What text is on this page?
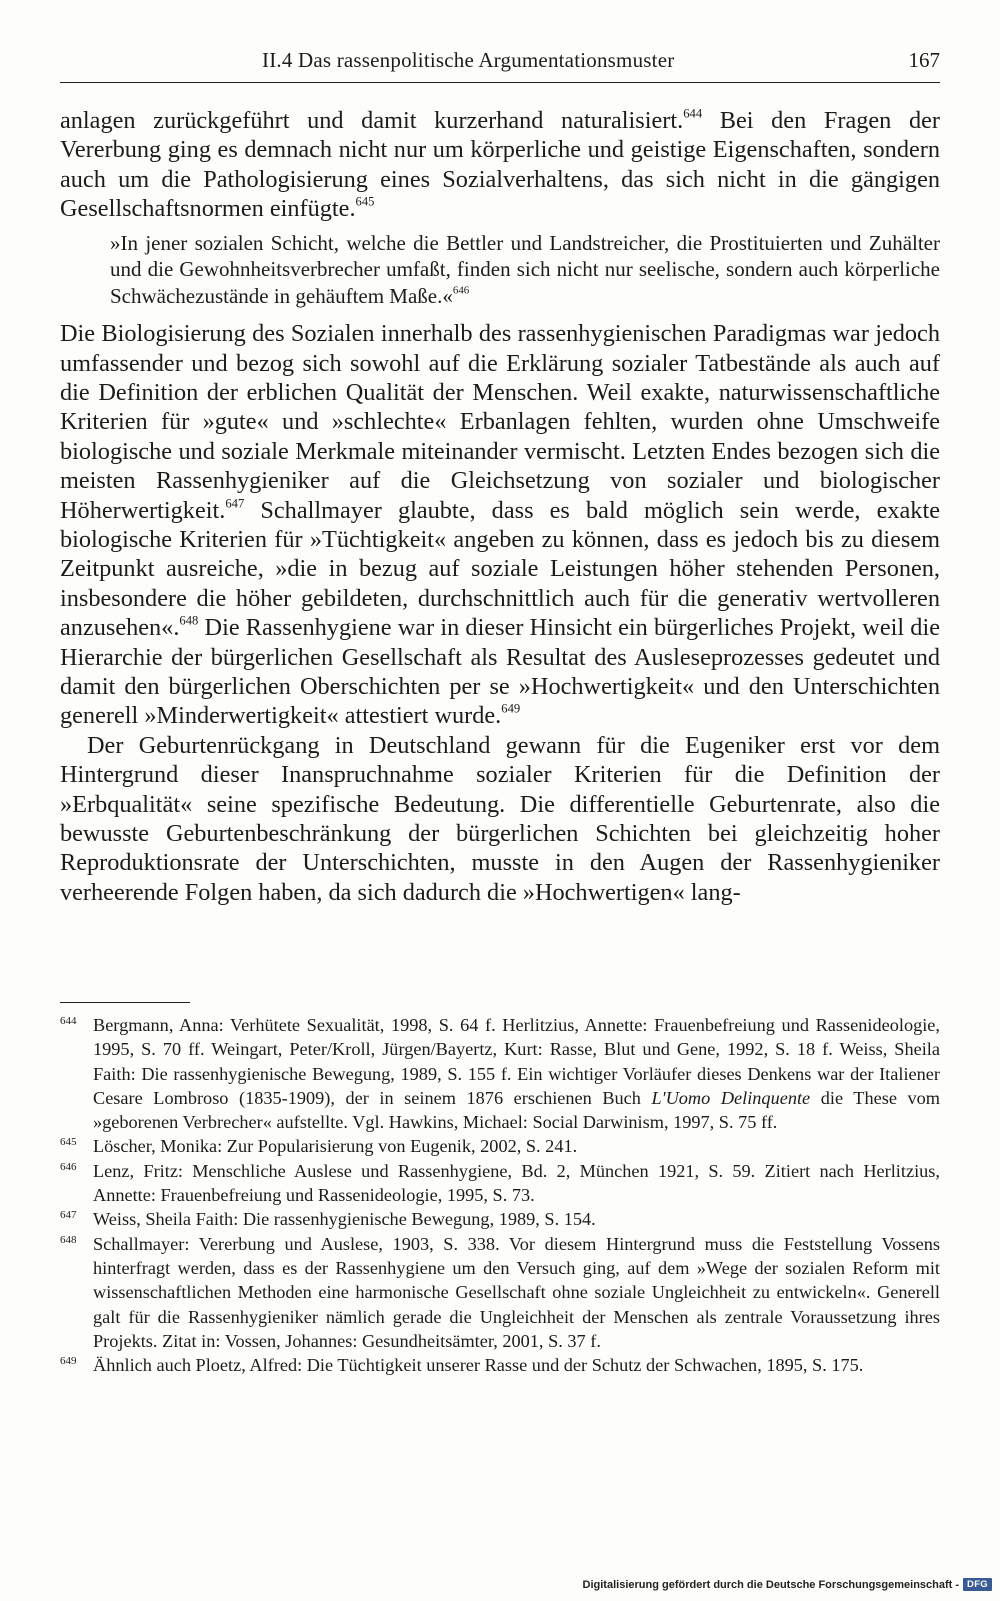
II.4 Das rassenpolitische Argumentationsmuster	167

anlagen zurückgeführt und damit kurzerhand naturalisiert.$^{644}$ Bei den Fragen der Vererbung ging es demnach nicht nur um körperliche und geistige Eigenschaften, sondern auch um die Pathologisierung eines Sozialverhaltens, das sich nicht in die gängigen Gesellschaftsnormen einfügte.$^{645}$

»In jener sozialen Schicht, welche die Bettler und Landstreicher, die Prostituierten und Zuhälter und die Gewohnheitsverbrecher umfaßt, finden sich nicht nur seelische, sondern auch körperliche Schwächezustände in gehäuftem Maße.«$^{646}$

Die Biologisierung des Sozialen innerhalb des rassenhygienischen Paradigmas war jedoch umfassender und bezog sich sowohl auf die Erklärung sozialer Tatbestände als auch auf die Definition der erblichen Qualität der Menschen. Weil exakte, naturwissenschaftliche Kriterien für »gute« und »schlechte« Erbanlagen fehlten, wurden ohne Umschweife biologische und soziale Merkmale miteinander vermischt. Letzten Endes bezogen sich die meisten Rassenhygieniker auf die Gleichsetzung von sozialer und biologischer Höherwertigkeit.$^{647}$ Schallmayer glaubte, dass es bald möglich sein werde, exakte biologische Kriterien für »Tüchtigkeit« angeben zu können, dass es jedoch bis zu diesem Zeitpunkt ausreiche, »die in bezug auf soziale Leistungen höher stehenden Personen, insbesondere die höher gebildeten, durchschnittlich auch für die generativ wertvolleren anzusehen«.$^{648}$ Die Rassenhygiene war in dieser Hinsicht ein bürgerliches Projekt, weil die Hierarchie der bürgerlichen Gesellschaft als Resultat des Ausleseprozesses gedeutet und damit den bürgerlichen Oberschichten per se »Hochwertigkeit« und den Unterschichten generell »Minderwertigkeit« attestiert wurde.$^{649}$

Der Geburtenrückgang in Deutschland gewann für die Eugeniker erst vor dem Hintergrund dieser Inanspruchnahme sozialer Kriterien für die Definition der »Erbqualität« seine spezifische Bedeutung. Die differentielle Geburtenrate, also die bewusste Geburtenbeschränkung der bürgerlichen Schichten bei gleichzeitig hoher Reproduktionsrate der Unterschichten, musste in den Augen der Rassenhygieniker verheerende Folgen haben, da sich dadurch die »Hochwertigen« lang-

644 Bergmann, Anna: Verhütete Sexualität, 1998, S. 64 f. Herlitzius, Annette: Frauenbefreiung und Rassenideologie, 1995, S. 70 ff. Weingart, Peter/Kroll, Jürgen/Bayertz, Kurt: Rasse, Blut und Gene, 1992, S. 18 f. Weiss, Sheila Faith: Die rassenhygienische Bewegung, 1989, S. 155 f. Ein wichtiger Vorläufer dieses Denkens war der Italiener Cesare Lombroso (1835-1909), der in seinem 1876 erschienen Buch L'Uomo Delinquente die These vom »geborenen Verbrecher« aufstellte. Vgl. Hawkins, Michael: Social Darwinism, 1997, S. 75 ff.
645 Löscher, Monika: Zur Popularisierung von Eugenik, 2002, S. 241.
646 Lenz, Fritz: Menschliche Auslese und Rassenhygiene, Bd. 2, München 1921, S. 59. Zitiert nach Herlitzius, Annette: Frauenbefreiung und Rassenideologie, 1995, S. 73.
647 Weiss, Sheila Faith: Die rassenhygienische Bewegung, 1989, S. 154.
648 Schallmayer: Vererbung und Auslese, 1903, S. 338. Vor diesem Hintergrund muss die Feststellung Vossens hinterfragt werden, dass es der Rassenhygiene um den Versuch ging, auf dem »Wege der sozialen Reform mit wissenschaftlichen Methoden eine harmonische Gesellschaft ohne soziale Ungleichheit zu entwickeln«. Generell galt für die Rassenhygieniker nämlich gerade die Ungleichheit der Menschen als zentrale Voraussetzung ihres Projekts. Zitat in: Vossen, Johannes: Gesundheitsämter, 2001, S. 37 f.
649 Ähnlich auch Ploetz, Alfred: Die Tüchtigkeit unserer Rasse und der Schutz der Schwachen, 1895, S. 175.
Digitalisierung gefördert durch die Deutsche Forschungsgemeinschaft - DFG
